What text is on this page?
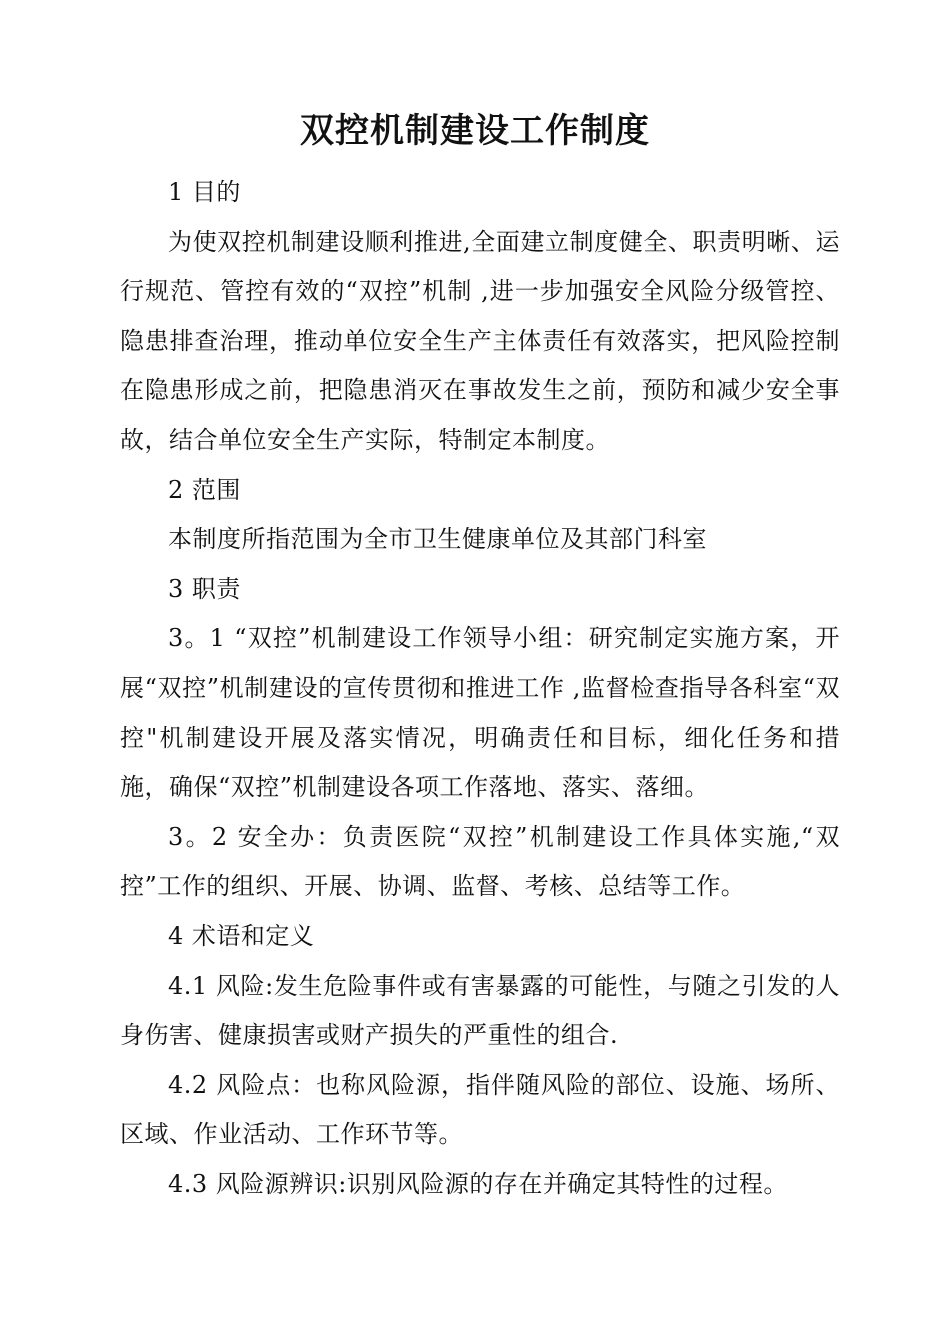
双控机制建设工作制度

1 目的

为使双控机制建设顺利推进,全面建立制度健全、职责明晰、运行规范、管控有效的“双控”机制 ,进一步加强安全风险分级管控、隐患排查治理，推动单位安全生产主体责任有效落实，把风险控制在隐患形成之前，把隐患消灭在事故发生之前，预防和减少安全事故，结合单位安全生产实际，特制定本制度。

2 范围

本制度所指范围为全市卫生健康单位及其部门科室

3 职责

3。1 “双控”机制建设工作领导小组：研究制定实施方案，开展“双控”机制建设的宣传贯彻和推进工作 ,监督检查指导各科室“双控"机制建设开展及落实情况，明确责任和目标，细化任务和措施，确保“双控”机制建设各项工作落地、落实、落细。

3。2 安全办：负责医院“双控”机制建设工作具体实施,“双控”工作的组织、开展、协调、监督、考核、总结等工作。

4 术语和定义

4.1 风险:发生危险事件或有害暴露的可能性，与随之引发的人身伤害、健康损害或财产损失的严重性的组合.

4.2 风险点：也称风险源，指伴随风险的部位、设施、场所、区域、作业活动、工作环节等。

4.3 风险源辨识:识别风险源的存在并确定其特性的过程。
